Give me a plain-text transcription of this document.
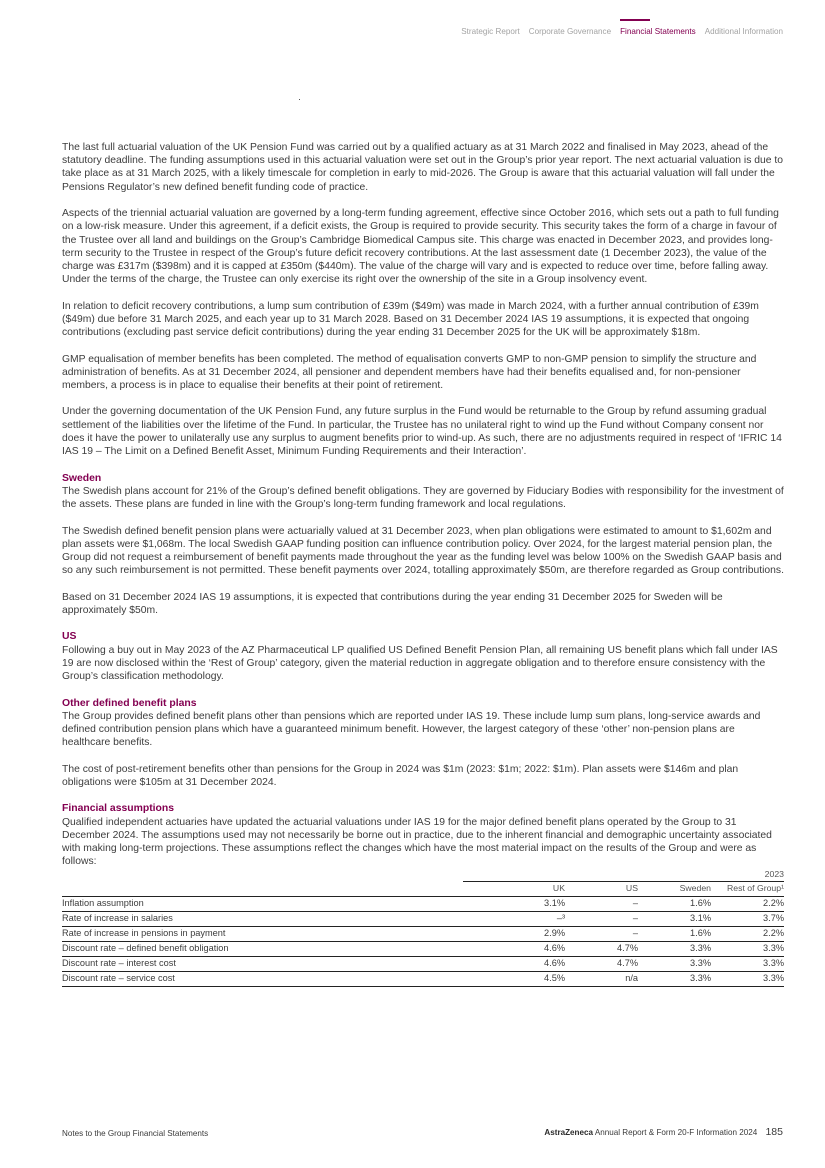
Strategic Report Corporate Governance Financial Statements Additional Information

The last full actuarial valuation of the UK Pension Fund was carried out by a qualified actuary as at 31 March 2022 and finalised in May 2023, ahead of the statutory deadline. The funding assumptions used in this actuarial valuation were set out in the Group’s prior year report. The next actuarial valuation is due to take place as at 31 March 2025, with a likely timescale for completion in early to mid-2026. The Group is aware that this actuarial valuation will fall under the Pensions Regulator’s new defined benefit funding code of practice.

Aspects of the triennial actuarial valuation are governed by a long-term funding agreement, effective since October 2016, which sets out a path to full funding on a low-risk measure. Under this agreement, if a deficit exists, the Group is required to provide security. This security takes the form of a charge in favour of the Trustee over all land and buildings on the Group’s Cambridge Biomedical Campus site. This charge was enacted in December 2023, and provides long-term security to the Trustee in respect of the Group’s future deficit recovery contributions. At the last assessment date (1 December 2023), the value of the charge was £317m ($398m) and it is capped at £350m ($440m). The value of the charge will vary and is expected to reduce over time, before falling away. Under the terms of the charge, the Trustee can only exercise its right over the ownership of the site in a Group insolvency event.

In relation to deficit recovery contributions, a lump sum contribution of £39m ($49m) was made in March 2024, with a further annual contribution of £39m ($49m) due before 31 March 2025, and each year up to 31 March 2028. Based on 31 December 2024 IAS 19 assumptions, it is expected that ongoing contributions (excluding past service deficit contributions) during the year ending 31 December 2025 for the UK will be approximately $18m.

GMP equalisation of member benefits has been completed. The method of equalisation converts GMP to non-GMP pension to simplify the structure and administration of benefits. As at 31 December 2024, all pensioner and dependent members have had their benefits equalised and, for non-pensioner members, a process is in place to equalise their benefits at their point of retirement.

Under the governing documentation of the UK Pension Fund, any future surplus in the Fund would be returnable to the Group by refund assuming gradual settlement of the liabilities over the lifetime of the Fund. In particular, the Trustee has no unilateral right to wind up the Fund without Company consent nor does it have the power to unilaterally use any surplus to augment benefits prior to wind-up. As such, there are no adjustments required in respect of ‘IFRIC 14 IAS 19 – The Limit on a Defined Benefit Asset, Minimum Funding Requirements and their Interaction’.

Sweden

The Swedish plans account for 21% of the Group’s defined benefit obligations. They are governed by Fiduciary Bodies with responsibility for the investment of the assets. These plans are funded in line with the Group’s long-term funding framework and local regulations.

The Swedish defined benefit pension plans were actuarially valued at 31 December 2023, when plan obligations were estimated to amount to $1,602m and plan assets were $1,068m. The local Swedish GAAP funding position can influence contribution policy. Over 2024, for the largest material pension plan, the Group did not request a reimbursement of benefit payments made throughout the year as the funding level was below 100% on the Swedish GAAP basis and so any such reimbursement is not permitted. These benefit payments over 2024, totalling approximately $50m, are therefore regarded as Group contributions.

Based on 31 December 2024 IAS 19 assumptions, it is expected that contributions during the year ending 31 December 2025 for Sweden will be approximately $50m.

US

Following a buy out in May 2023 of the AZ Pharmaceutical LP qualified US Defined Benefit Pension Plan, all remaining US benefit plans which fall under IAS 19 are now disclosed within the ‘Rest of Group’ category, given the material reduction in aggregate obligation and to therefore ensure consistency with the Group’s classification methodology.

Other defined benefit plans

The Group provides defined benefit plans other than pensions which are reported under IAS 19. These include lump sum plans, long-service awards and defined contribution pension plans which have a guaranteed minimum benefit. However, the largest category of these ‘other’ non-pension plans are healthcare benefits.

The cost of post-retirement benefits other than pensions for the Group in 2024 was $1m (2023: $1m; 2022: $1m). Plan assets were $146m and plan obligations were $105m at 31 December 2024.

Financial assumptions

Qualified independent actuaries have updated the actuarial valuations under IAS 19 for the major defined benefit plans operated by the Group to 31 December 2024. The assumptions used may not necessarily be borne out in practice, due to the inherent financial and demographic uncertainty associated with making long-term projections. These assumptions reflect the changes which have the most material impact on the results of the Group and were as follows:

	2023			
	UK	US	Sweden	Rest of Group¹
Inflation assumption	3.1%	–	1.6%	2.2%
Rate of increase in salaries	–³	–	3.1%	3.7%
Rate of increase in pensions in payment	2.9%	–	1.6%	2.2%
Discount rate – defined benefit obligation	4.6%	4.7%	3.3%	3.3%
Discount rate – interest cost	4.6%	4.7%	3.3%	3.3%
Discount rate – service cost	4.5%	n/a	3.3%	3.3%
Notes to the Group Financial Statements	AstraZeneca Annual Report & Form 20-F Information 2024 185
